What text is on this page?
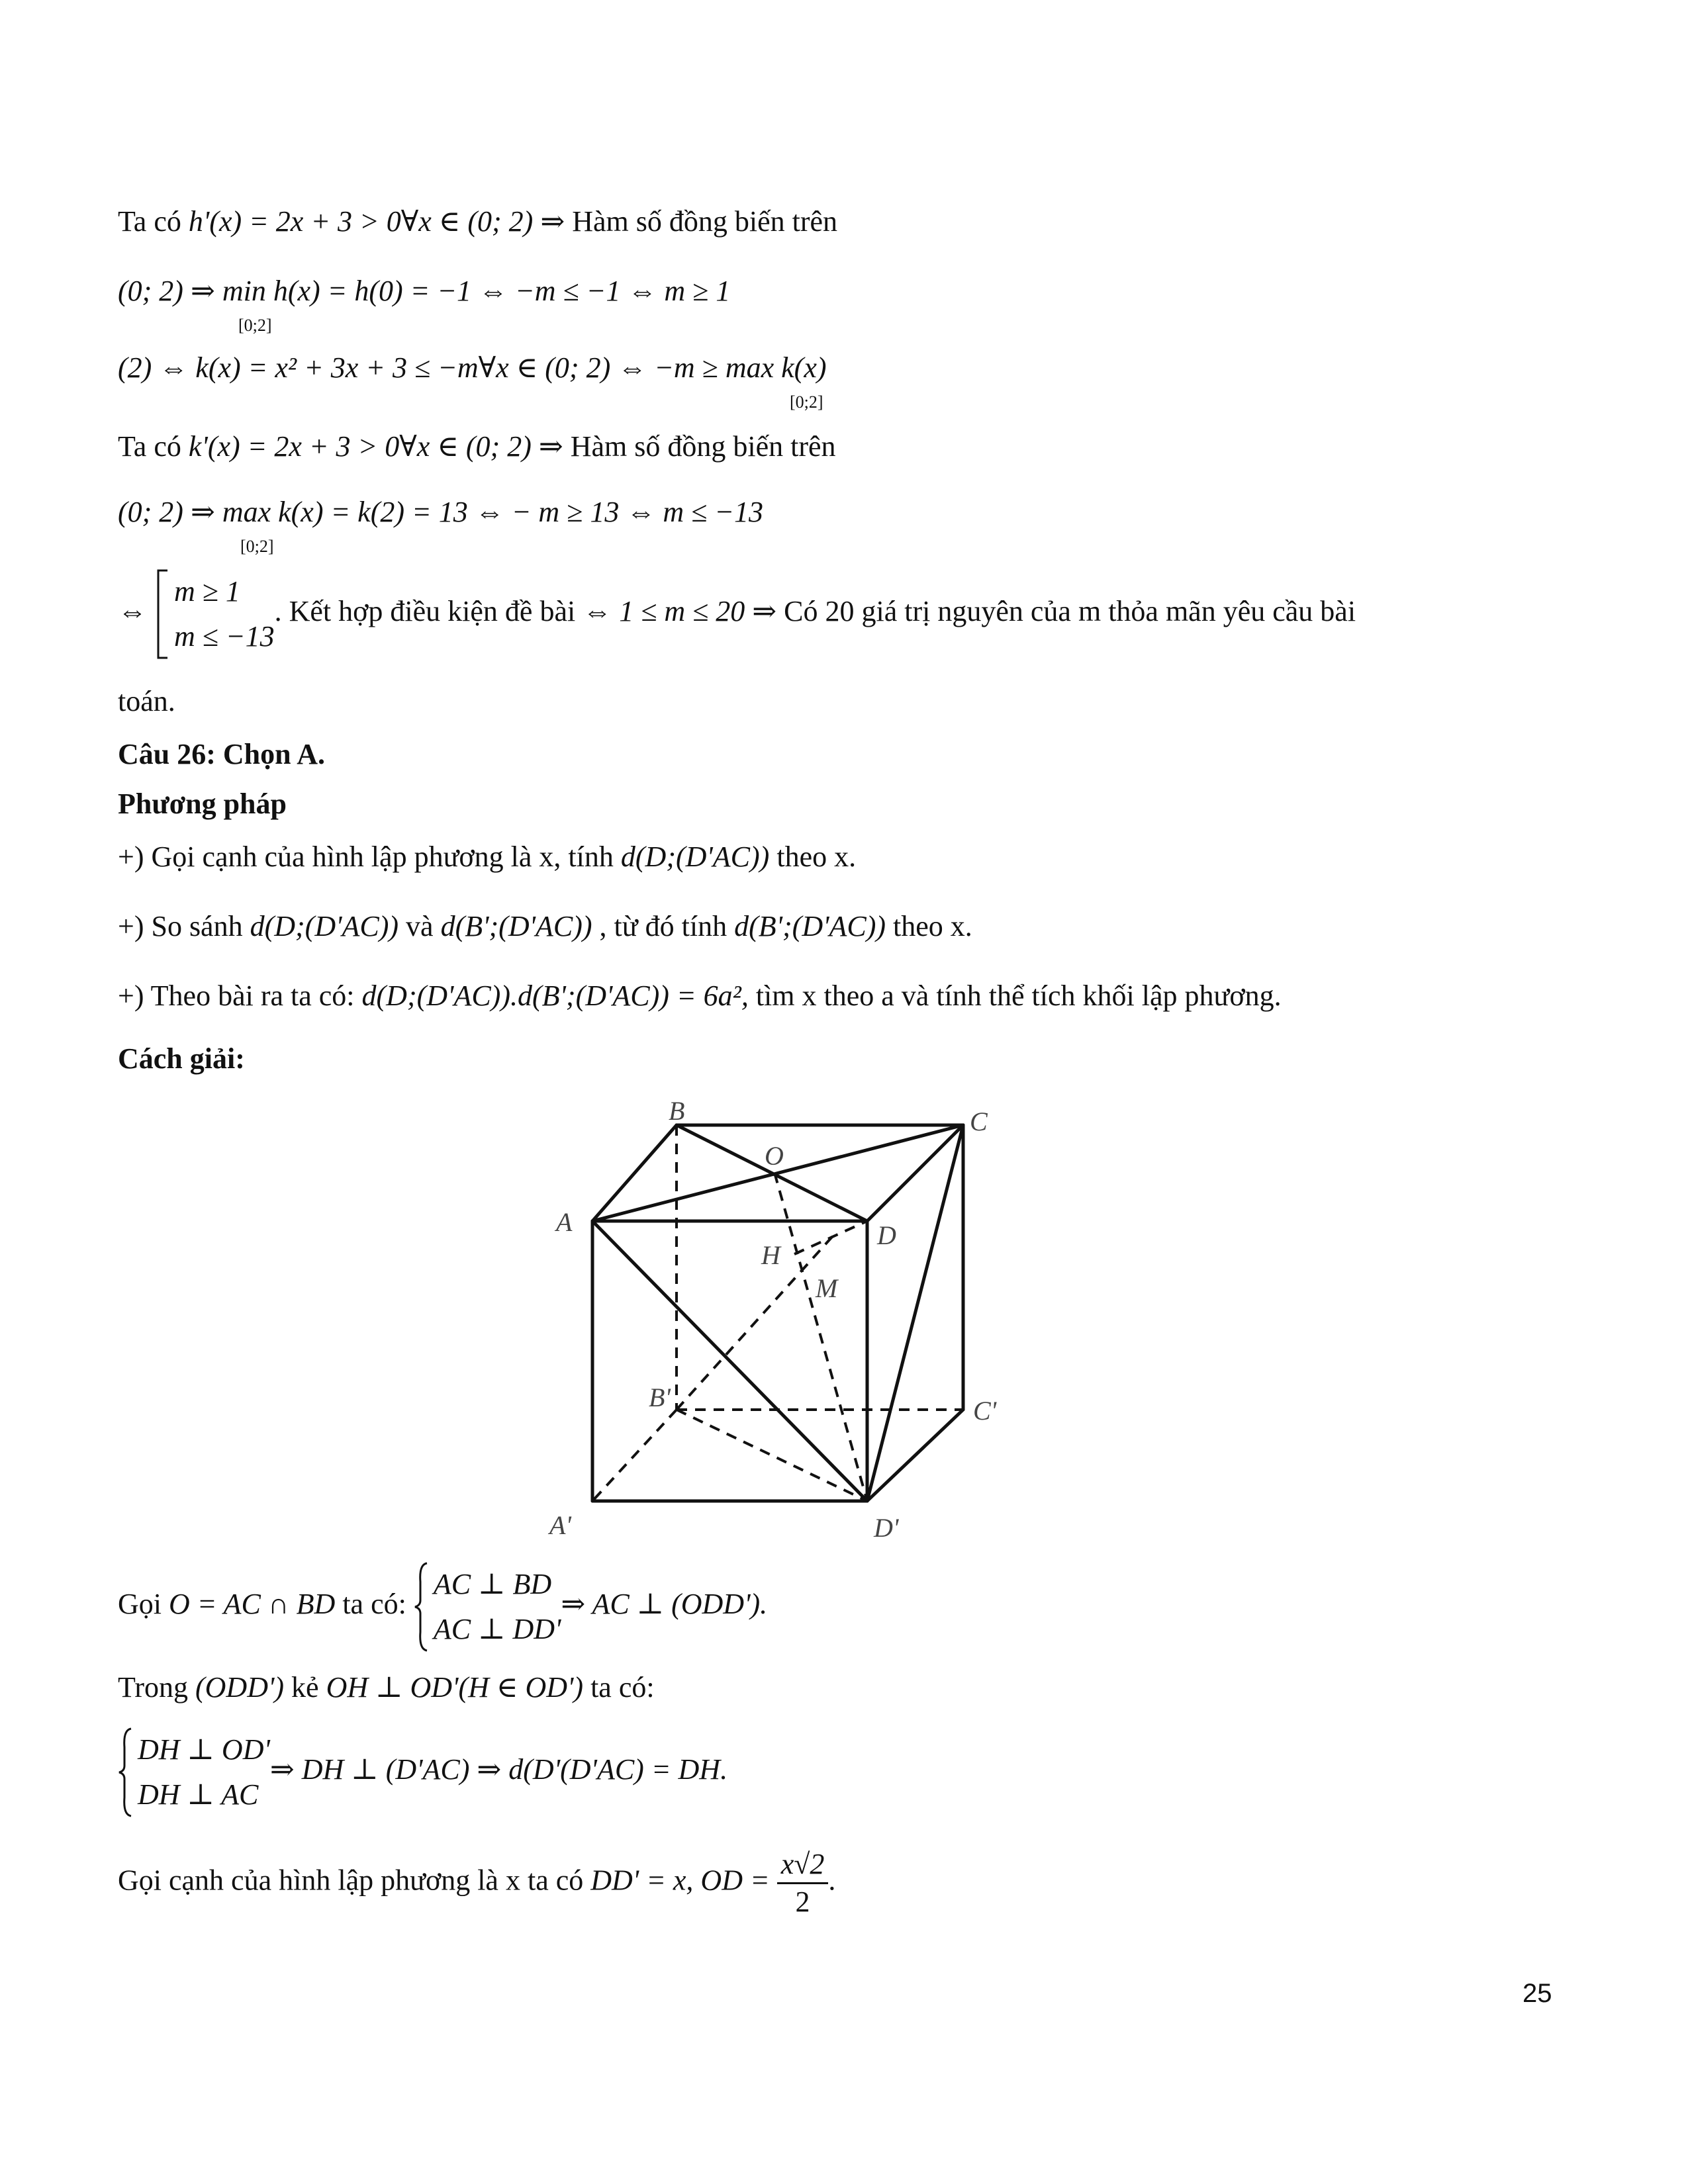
Ta có h'(x) = 2x + 3 > 0∀x ∈ (0; 2) ⇒ Hàm số đồng biến trên
(0; 2) ⇒ min h(x) = h(0) = −1 ⇔ −m ≤ −1 ⇔ m ≥ 1
[0;2]
(2) ⇔ k(x) = x² + 3x + 3 ≤ −m∀x ∈ (0; 2) ⇔ −m ≥ max k(x)
[0;2]
Ta có k'(x) = 2x + 3 > 0∀x ∈ (0; 2) ⇒ Hàm số đồng biến trên
(0; 2) ⇒ max k(x) = k(2) = 13 ⇔ − m ≥ 13 ⇔ m ≤ −13
[0;2]
⇔
m ≥ 1
m ≤ −13
. Kết hợp điều kiện đề bài ⇔ 1 ≤ m ≤ 20 ⇒ Có 20 giá trị nguyên của m thỏa mãn yêu cầu bài
toán.
Câu 26: Chọn A.
Phương pháp
+) Gọi cạnh của hình lập phương là x, tính d(D;(D'AC)) theo x.
+) So sánh d(D;(D'AC)) và d(B';(D'AC)) , từ đó tính d(B';(D'AC)) theo x.
+) Theo bài ra ta có: d(D;(D'AC)).d(B';(D'AC)) = 6a², tìm x theo a và tính thể tích khối lập phương.
Cách giải:
B	C
O
A	D
H
M
B'	C'
A'	D'
Gọi O = AC ∩ BD ta có:
AC ⊥ BD
AC ⊥ DD'
⇒ AC ⊥ (ODD').
Trong (ODD') kẻ OH ⊥ OD'(H ∈ OD') ta có:
DH ⊥ OD'
DH ⊥ AC
⇒ DH ⊥ (D'AC) ⇒ d(D'(D'AC) = DH.
Gọi cạnh của hình lập phương là x ta có DD' = x, OD = $\frac{x√2}{2}$ .
25
